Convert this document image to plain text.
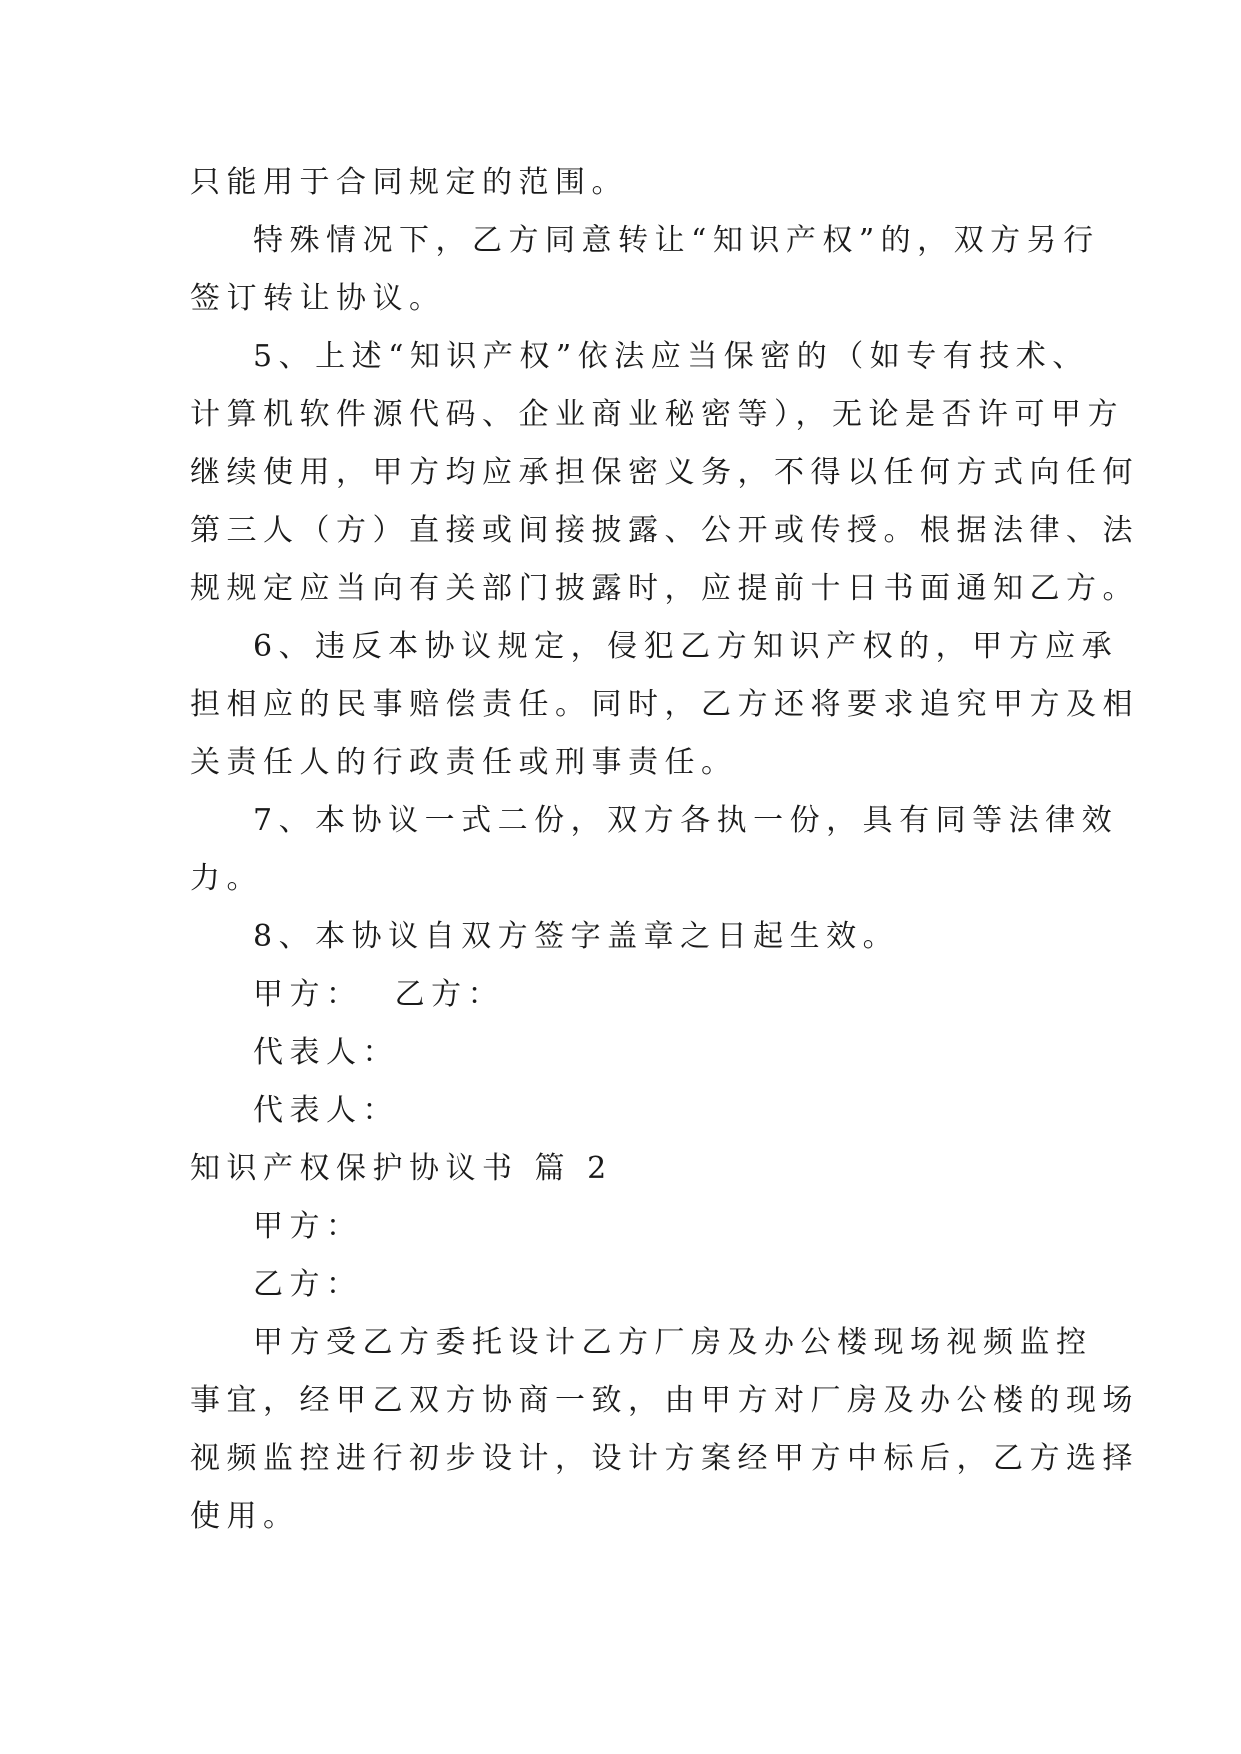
只能用于合同规定的范围。
特殊情况下，乙方同意转让“知识产权”的，双方另行
签订转让协议。
5、上述“知识产权”依法应当保密的（如专有技术、
计算机软件源代码、企业商业秘密等），无论是否许可甲方
继续使用，甲方均应承担保密义务，不得以任何方式向任何
第三人（方）直接或间接披露、公开或传授。根据法律、法
规规定应当向有关部门披露时，应提前十日书面通知乙方。
6、违反本协议规定，侵犯乙方知识产权的，甲方应承
担相应的民事赔偿责任。同时，乙方还将要求追究甲方及相
关责任人的行政责任或刑事责任。
7、本协议一式二份，双方各执一份，具有同等法律效
力。
8、本协议自双方签字盖章之日起生效。
甲方：  乙方：
代表人：
代表人：
知识产权保护协议书 篇 2
甲方：
乙方：
甲方受乙方委托设计乙方厂房及办公楼现场视频监控
事宜，经甲乙双方协商一致，由甲方对厂房及办公楼的现场
视频监控进行初步设计，设计方案经甲方中标后，乙方选择
使用。
